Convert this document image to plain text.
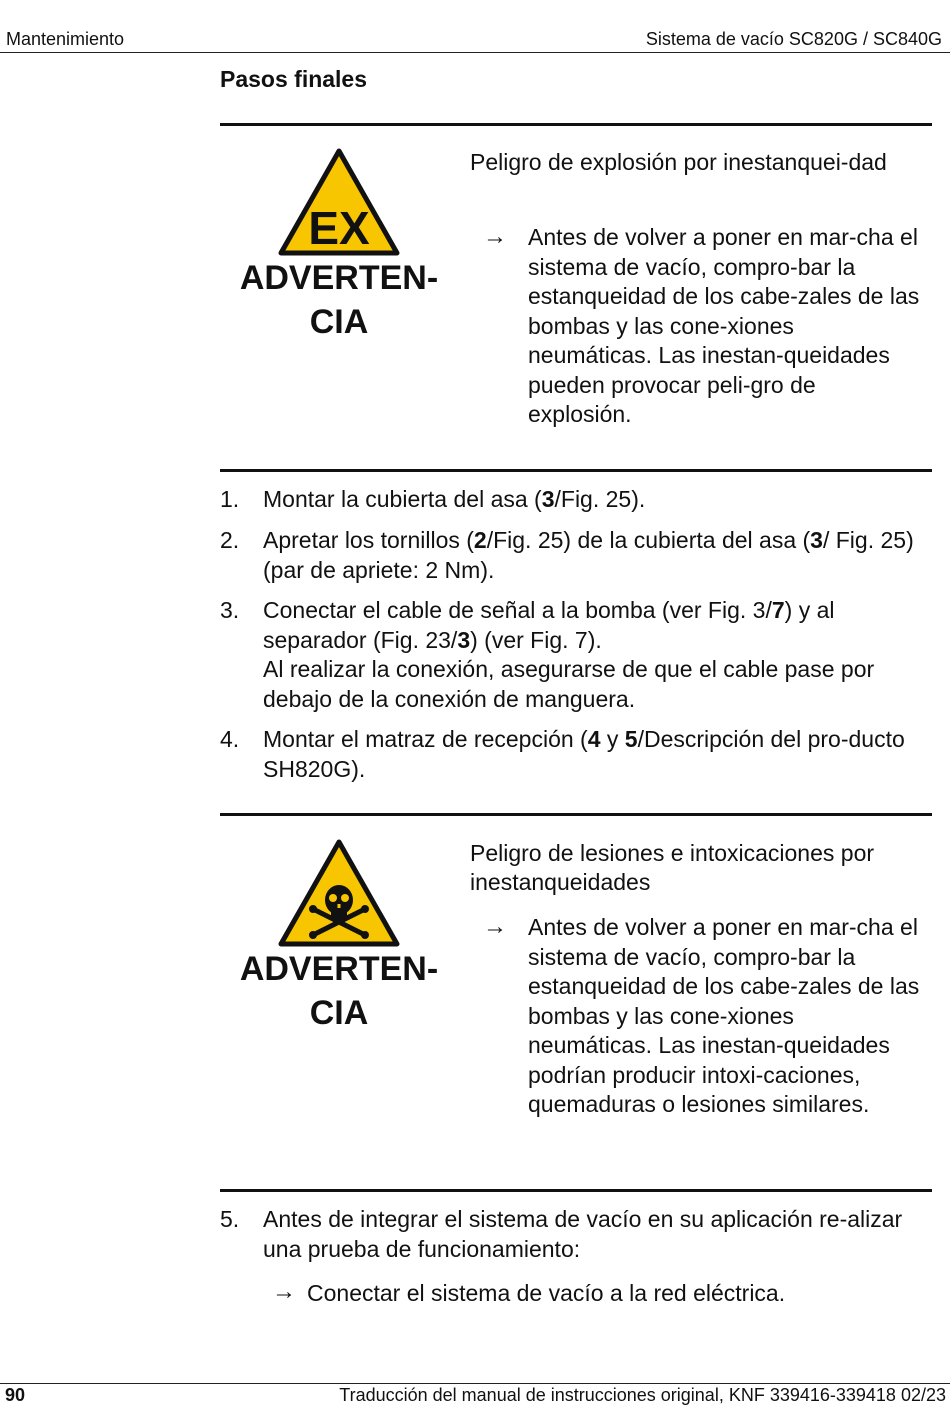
Mantenimiento	Sistema de vacío SC820G / SC840G
Pasos finales
EX
ADVERTEN-
CIA
Peligro de explosión por inestanquei-dad
→ Antes de volver a poner en mar-cha el sistema de vacío, compro-bar la estanqueidad de los cabe-zales de las bombas y las cone-xiones neumáticas. Las inestan-queidades pueden provocar peli-gro de explosión.
1. Montar la cubierta del asa (3/Fig. 25).
2. Apretar los tornillos (2/Fig. 25) de la cubierta del asa (3/ Fig. 25) (par de apriete: 2 Nm).
3. Conectar el cable de señal a la bomba (ver Fig. 3/7) y al separador (Fig. 23/3) (ver Fig. 7).
Al realizar la conexión, asegurarse de que el cable pase por debajo de la conexión de manguera.
4. Montar el matraz de recepción (4 y 5/Descripción del pro-ducto SH820G).
ADVERTEN-
CIA
Peligro de lesiones e intoxicaciones por inestanqueidades
→ Antes de volver a poner en mar-cha el sistema de vacío, compro-bar la estanqueidad de los cabe-zales de las bombas y las cone-xiones neumáticas. Las inestan-queidades podrían producir intoxi-caciones, quemaduras o lesiones similares.
5. Antes de integrar el sistema de vacío en su aplicación re-alizar una prueba de funcionamiento:
→ Conectar el sistema de vacío a la red eléctrica.
90	Traducción del manual de instrucciones original, KNF 339416-339418 02/23
